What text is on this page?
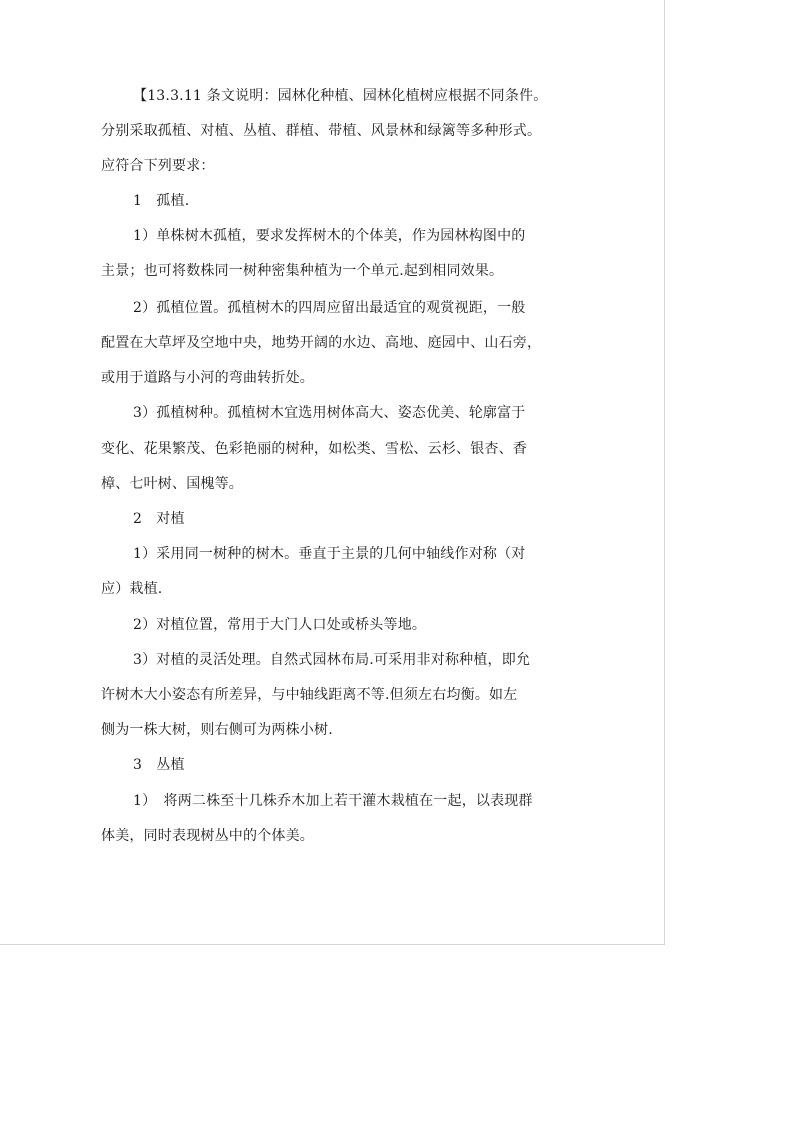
【13.3.11 条文说明：园林化种植、园林化植树应根据不同条件。
分别采取孤植、对植、丛植、群植、带植、风景林和绿篱等多种形式。
应符合下列要求：
1　孤植.
1）单株树木孤植，要求发挥树木的个体美，作为园林构图中的
主景；也可将数株同一树种密集种植为一个单元.起到相同效果。
2）孤植位置。孤植树木的四周应留出最适宜的观赏视距，一般
配置在大草坪及空地中央，地势开阔的水边、高地、庭园中、山石旁，
或用于道路与小河的弯曲转折处。
3）孤植树种。孤植树木宜选用树体高大、姿态优美、轮廓富于
变化、花果繁茂、色彩艳丽的树种，如松类、雪松、云杉、银杏、香
樟、七叶树、国槐等。
2　对植
1）采用同一树种的树木。垂直于主景的几何中轴线作对称（对
应）栽植.
2）对植位置，常用于大门人口处或桥头等地。
3）对植的灵活处理。自然式园林布局.可采用非对称种植，即允
许树木大小姿态有所差异，与中轴线距离不等.但须左右均衡。如左
侧为一株大树，则右侧可为两株小树.
3　丛植
1）　将两二株至十几株乔木加上若干灌木栽植在一起，以表现群
体美，同时表现树丛中的个体美。
